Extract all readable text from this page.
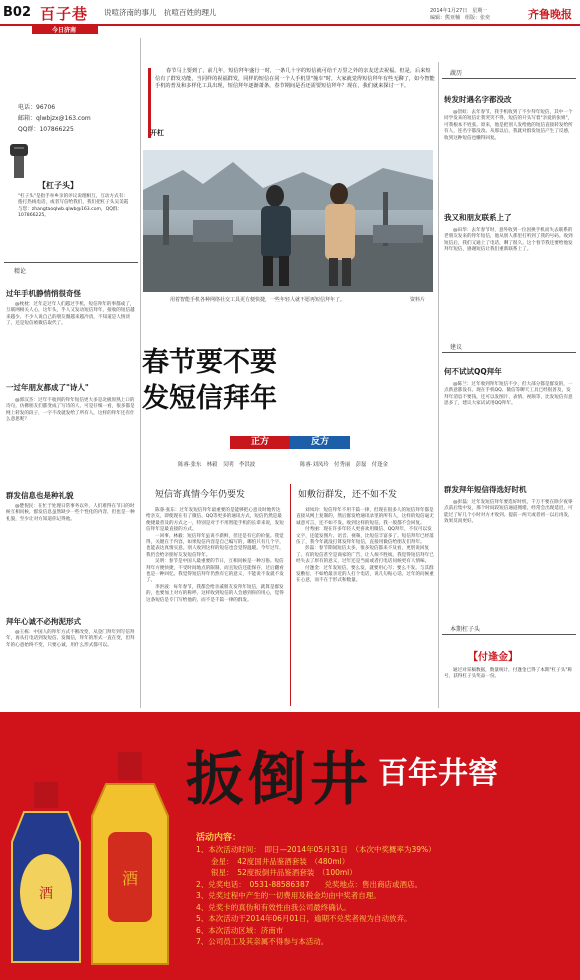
B02 百子巷 说喧济南的事儿　抗喧百姓的理儿	2014年1月27日　星期一
编辑：熊亚楠　组版：张奕	齐鲁晚报
今日济南
电话：96706
邮箱：qlwbjzx@163.com
QQ群：107866225
【杠子头】
"杠子头"是指手举乡亲的评议说理相互，互动方式有：拨打热线电话，或者写信给我们，我们把杠子头吴美霞与您：zhangtaoqlwb.qlwb@163.com，QQ群：107866225。
精论
过年手机静悄悄很奇怪
@枕枕：过年走过年人们越过手机，短信拜年的事都成了，互联网相关人心，这年头，乎人又发动短信拜年，接收的短信越来越少，不少人说自己的朋友圈越来越冷清，不知道是人情淡了，还是短信被微信取代了。
一过年朋友都成了"诗人"
@郭汉杰：过年不收到的拜年短信更大多是北极原熟上口的诗句，仿佛朋友们都变成了写诗的人，可是仔细一看，很多都是网上转发的段子，一字不改就发给了所有人，这样的拜年还有什么意思呢？
群发信息也是种礼貌
@楚倪民：在忙于处理日常事务以外，人们难得在节日的时候互相问候，群发信息虽然缺少一些个性化的内容，但也是一种礼貌，至少让对方知道你记得他。
拜年心诚不必拘泥形式
@王栋：中国人的拜年方式不断改变，从登门拜年到写信拜年，再从打电话到发短信、发微信，拜年的形式一直在变，但拜年的心意始终不变，只要心诚，用什么形式都可以。
春节马上要到了，前几年，短信拜年盛行一时，一条几十字的短信就可给千万里之外的亲友送去祝福。但是，后来短信有了群发功能，当同样的祝福群发，同样的短信在同一个人手机里"撞车"时，大家就觉得短信拜年有些无聊了，如今智能手机的普及和多样化工具出现，短信拜年逐渐萧条，春节期间是否还需要短信拜年？现在，我们就来探讨一下。
开杠
用着智能手机各种网络社交工具更方便快捷，一些年轻人就不愿再短信拜年了。	资料片
春节要不要
发短信拜年
正方	反方
陈睿·张东　林毅　吴明　李洪波	陈睿·刘凤玲　付秀丽　彭磊　付逢金
短信寄真情今年仍要发	如敷衍群发，还不如不发
陈睿·张东：过年发短信拜年最重要的是能够把心意及时地传达给亲友，即使现在有了微信、QQ等更多的通讯方式，短信仍然是最便捷最普及的方式之一，特别是对于不用智能手机的长辈来说，发短信拜年是最直接的方式。
一回事。林毅：短信拜年虽说不新鲜，但还是有它的价值。我觉得，关键在于内容，如果短信内容是自己编写的，哪怕只有几个字，也能表达真情实意。别人收到这样的短信也会觉得温暖。今年过年，我仍会给亲朋好友发短信拜年。
吴明：春节是中国人最重要的节日，互相问候是一种习俗。短信拜年方便快捷，不受时间地点的限制，而且短信还能保存，过后翻看也是一种回忆。我觉得短信拜年仍然有它的意义，不能说不发就不发了。
李洪波：每年春节，我都会给亲戚朋友发拜年短信，就算是群发的，也要加上对方的称呼，这样收到短信的人会感到你的用心，觉得这条短信是专门写给他的，而不是千篇一律的群发。
刘凤玲：短信拜年不用千篇一律，但现在很多人的短信拜年都是直接从网上复制的，然后群发给通讯录里的所有人，这样的短信毫无诚意可言，还不如不发。收到这样的短信，我一般都不会回复。
付秀丽：现在许多年轻人更喜欢用微信、QQ拜年，不仅可以发文字，还能发图片、语音、视频，比短信丰富多了。短信拜年已经落伍了，我今年就没打算发拜年短信，直接用微信给朋友们拜年。
彭磊：春节期间短信太多，很多短信都来不及看，更别说回复了。有的短信甚至是商家的广告，让人烦不胜烦。我觉得短信拜年已经失去了原有的意义，过年还是当面或者打电话问候更有人情味。
付逢金：过年发短信，要么发，就要用心写；要么不发。与其群发敷衍，不如给最亲近的人打个电话，说几句贴心话。过年的问候重在心意，而不在于形式和数量。
蔬历
转发时遇名字都没改
@贺虹：去年春节，我手机收到了不少拜年短信，其中一个同学发来的短信让我哭笑不得，短信的开头写着"亲爱的张姐"，可我根本不姓张。原来，他是把别人发给他的短信直接转发给所有人，连名字都没改。从那以后，我就对群发短信产生了反感，收到这种短信也懒得回复。
我又和朋友联系上了
@田华：去年春节时，意外收到一位因换手机而失去联系的老朋友发来的拜年短信，他从别人那里打听到了我的号码。收到短信后，我们又通上了电话，聊了很久。这个春节我还要给他发拜年短信，感谢短信让我们重新联系上了。
建议
何不试试QQ拜年
@陈兰：过年收到拜年短信不少，但大部分都是群发的，一点新意都没有。现在手机QQ、微信等聊天工具已经很普及，发拜年消息不要钱，还可以发图片、表情、视频等，比发短信有意思多了，建议大家试试用QQ拜年。
群发拜年短信得选好时机
@彭磊：过年发短信拜年要选好时机，千万不要在除夕夜零点前后集中发，那个时间段短信通道拥堵，经常会出现延迟，可能过了好几个小时对方才收到。提前一两天或者初一以后再发，效果反而更好。
本期杠子头
【付逢金】
通过对采稿数据，数量统计，付逢金已得了本期"杠子头"称号，获得杠子头奖品一份。
酒
酒
扳倒井 百年井窖
活动内容：
1、本次活动时间：　即日—2014年05月31日　（本次中奖概率为39%）
　　金星：　42度国井品鉴酒套装　（480ml）
　　银星：　52度扳倒井品鉴酒套装　（100ml）
2、兑奖电话：　0531-88586387　　兑奖地点：售出商店或酒店。
3、兑奖过程中产生的一切费用及税金均由中奖者自理。
4、兑奖卡的真伪和有效性由我公司最终确认。
5、本次活动于2014年06月01日，逾期不兑奖者视为自动放弃。
6、本次活动区域：济南市
7、公司员工及其亲属不得参与本活动。
